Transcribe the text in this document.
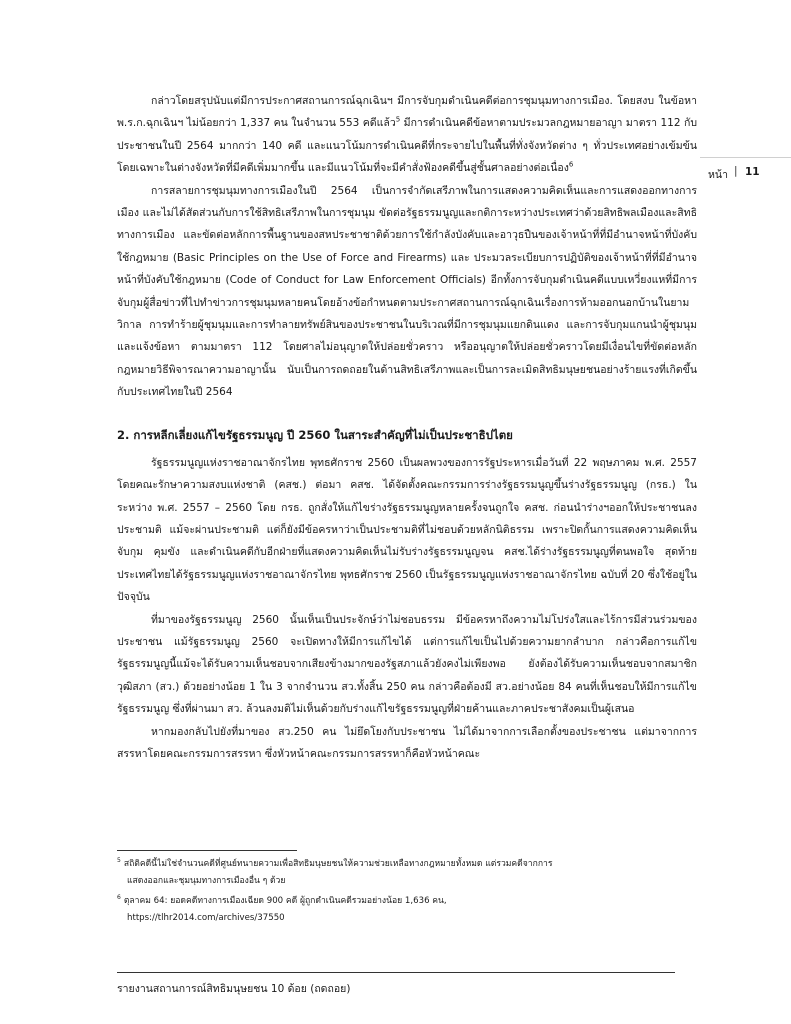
หน้า | 11

กล่าวโดยสรุปนับแต่มีการประกาศสถานการณ์ฉุกเฉินฯ มีการจับกุมดำเนินคดีต่อการชุมนุมทางการเมือง. โดยสงบ ในข้อหา พ.ร.ก.ฉุกเฉินฯ ไม่น้อยกว่า 1,337 คน ในจำนวน 553 คดีแล้ว$^5$ มีการดำเนินคดีข้อหาตามประมวลกฎหมายอาญา มาตรา 112 กับประชาชนในปี 2564 มากกว่า 140 คดี และแนวโน้มการดำเนินคดีที่กระจายไปในพื้นที่ทั่งจังหวัดต่าง ๆ ทั่วประเทศอย่างเข้มข้น โดยเฉพาะในต่างจังหวัดที่มีคดีเพิ่มมากขึ้น และมีแนวโน้มที่จะมีคำสั่งฟ้องคดีขึ้นสู่ชั้นศาลอย่างต่อเนื่อง$^6$

การสลายการชุมนุมทางการเมืองในปี 2564 เป็นการจำกัดเสรีภาพในการแสดงความคิดเห็นและการแสดงออกทางการเมือง และไม่ได้สัดส่วนกับการใช้สิทธิเสรีภาพในการชุมนุม ขัดต่อรัฐธรรมนูญและกติการะหว่างประเทศว่าด้วยสิทธิพลเมืองและสิทธิทางการเมือง และขัดต่อหลักการพื้นฐานของสหประชาชาติด้วยการใช้กำลังบังคับและอาวุธปืนของเจ้าหน้าที่ที่มีอำนาจหน้าที่บังคับใช้กฎหมาย (Basic Principles on the Use of Force and Firearms) และ ประมวลระเบียบการปฏิบัติของเจ้าหน้าที่ที่มีอำนาจหน้าที่บังคับใช้กฎหมาย (Code of Conduct for Law Enforcement Officials) อีกทั้งการจับกุมดำเนินคดีแบบเหวี่ยงแหที่มีการจับกุมผู้สื่อข่าวที่ไปทำข่าวการชุมนุมหลายคนโดยอ้างข้อกำหนดตามประกาศสถานการณ์ฉุกเฉินเรื่องการห้ามออกนอกบ้านในยามวิกาล การทำร้ายผู้ชุมนุมและการทำลายทรัพย์สินของประชาชนในบริเวณที่มีการชุมนุมแยกดินแดง และการจับกุมแกนนำผู้ชุมนุมและแจ้งข้อหา ตามมาตรา 112 โดยศาลไม่อนุญาตให้ปล่อยชั่วคราว หรืออนุญาตให้ปล่อยชั่วคราวโดยมีเงื่อนไขที่ขัดต่อหลักกฎหมายวิธีพิจารณาความอาญานั้น นับเป็นการถดถอยในด้านสิทธิเสรีภาพและเป็นการละเมิดสิทธิมนุษยชนอย่างร้ายแรงที่เกิดขึ้นกับประเทศไทยในปี 2564

2. การหลีกเลี่ยงแก้ไขรัฐธรรมนูญ ปี 2560 ในสาระสำคัญที่ไม่เป็นประชาธิปไตย

รัฐธรรมนูญแห่งราชอาณาจักรไทย พุทธศักราช 2560 เป็นผลพวงของการรัฐประหารเมื่อวันที่ 22 พฤษภาคม พ.ศ. 2557 โดยคณะรักษาความสงบแห่งชาติ (คสช.) ต่อมา คสช. ได้จัดตั้งคณะกรรมการร่างรัฐธรรมนูญขึ้นร่างรัฐธรรมนูญ (กรธ.) ในระหว่าง พ.ศ. 2557 – 2560 โดย กรธ. ถูกสั่งให้แก้ไขร่างรัฐธรรมนูญหลายครั้งจนถูกใจ คสช. ก่อนนำร่างฯออกให้ประชาชนลงประชามติ แม้จะผ่านประชามติ แต่ก็ยังมีข้อครหาว่าเป็นประชามติที่ไม่ชอบด้วยหลักนิติธรรม เพราะปิดกั้นการแสดงความคิดเห็น จับกุม คุมขัง และดำเนินคดีกับอีกฝ่ายที่แสดงความคิดเห็นไม่รับร่างรัฐธรรมนูญจน คสช.ได้ร่างรัฐธรรมนูญที่ตนพอใจ สุดท้ายประเทศไทยได้รัฐธรรมนูญแห่งราชอาณาจักรไทย พุทธศักราช 2560 เป็นรัฐธรรมนูญแห่งราชอาณาจักรไทย ฉบับที่ 20 ซึ่งใช้อยู่ในปัจจุบัน

ที่มาของรัฐธรรมนูญ 2560 นั้นเห็นเป็นประจักษ์ว่าไม่ชอบธรรม มีข้อครหาถึงความไม่โปร่งใสและไร้การมีส่วนร่วมของประชาชน แม้รัฐธรรมนูญ 2560 จะเปิดทางให้มีการแก้ไขได้ แต่การแก้ไขเป็นไปด้วยความยากลำบาก กล่าวคือการแก้ไขรัฐธรรมนูญนี้แม้จะได้รับความเห็นชอบจากเสียงข้างมากของรัฐสภาแล้วยังคงไม่เพียงพอ ยังต้องได้รับความเห็นชอบจากสมาชิกวุฒิสภา (สว.) ด้วยอย่างน้อย 1 ใน 3 จากจำนวน สว.ทั้งสิ้น 250 คน กล่าวคือต้องมี สว.อย่างน้อย 84 คนที่เห็นชอบให้มีการแก้ไขรัฐธรรมนูญ ซึ่งที่ผ่านมา สว. ล้วนลงมติไม่เห็นด้วยกับร่างแก้ไขรัฐธรรมนูญที่ฝ่ายค้านและภาคประชาสังคมเป็นผู้เสนอ

หากมองกลับไปยังที่มาของ สว.250 คน ไม่ยึดโยงกับประชาชน ไม่ได้มาจากการเลือกตั้งของประชาชน แต่มาจากการสรรหาโดยคณะกรรมการสรรหา ซึ่งหัวหน้าคณะกรรมการสรรหาก็คือหัวหน้าคณะ

$^5$ สถิติคดีนี้ไม่ใช่จำนวนคดีที่ศูนย์ทนายความเพื่อสิทธิมนุษยชนให้ความช่วยเหลือทางกฎหมายทั้งหมด แต่รวมคดีจากการ
แสดงออกและชุมนุมทางการเมืองอื่น ๆ ด้วย

$^6$ ตุลาคม 64: ยอดคดีทางการเมืองเฉียด 900 คดี ผู้ถูกดำเนินคดีรวมอย่างน้อย 1,636 คน,
https://tlhr2014.com/archives/37550

รายงานสถานการณ์สิทธิมนุษยชน 10 ด้อย (ถดถอย)
